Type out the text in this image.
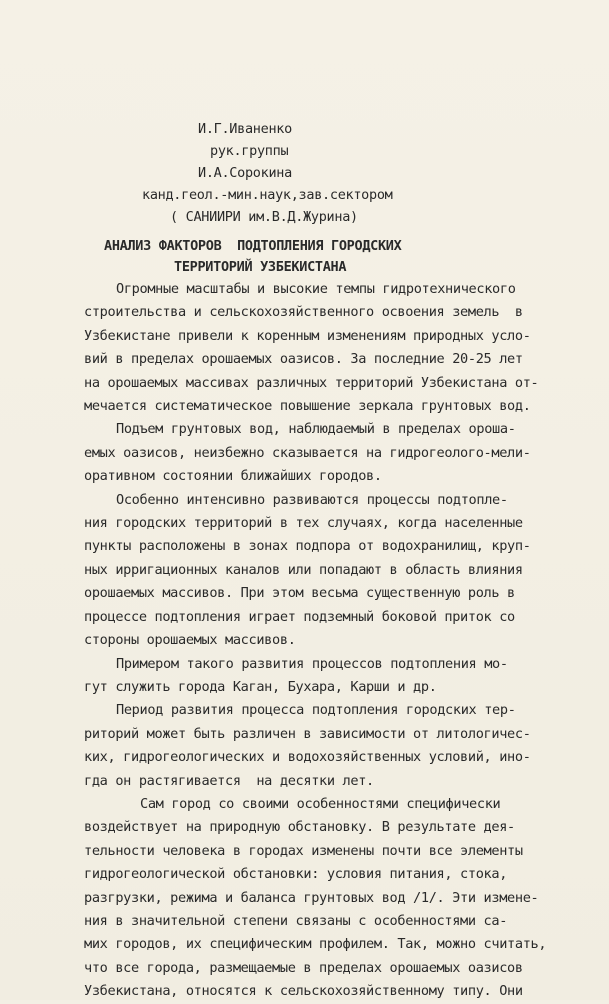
И.Г.Иваненко
рук.группы
И.А.Сорокина
канд.геол.-мин.наук,зав.сектором
( САНИИРИ им.В.Д.Журина)
АНАЛИЗ ФАКТОРОВ  ПОДТОПЛЕНИЯ ГОРОДСКИХ
ТЕРРИТОРИЙ УЗБЕКИСТАНА
Огромные масштабы и высокие темпы гидротехнического
строительства и сельскохозяйственного освоения земель  в
Узбекистане привели к коренным изменениям природных усло-
вий в пределах орошаемых оазисов. За последние 20-25 лет
на орошаемых массивах различных территорий Узбекистана от-
мечается систематическое повышение зеркала грунтовых вод.
Подъем грунтовых вод, наблюдаемый в пределах ороша-
емых оазисов, неизбежно сказывается на гидрогеолого-мели-
оративном состоянии ближайших городов.
Особенно интенсивно развиваются процессы подтопле-
ния городских территорий в тех случаях, когда населенные
пункты расположены в зонах подпора от водохранилищ, круп-
ных ирригационных каналов или попадают в область влияния
орошаемых массивов. При этом весьма существенную роль в
процессе подтопления играет подземный боковой приток со
стороны орошаемых массивов.
Примером такого развития процессов подтопления мо-
гут служить города Каган, Бухара, Карши и др.
Период развития процесса подтопления городских тер-
риторий может быть различен в зависимости от литологичес-
ких, гидрогеологических и водохозяйственных условий, ино-
гда он растягивается  на десятки лет.
Сам город со своими особенностями специфически
воздействует на природную обстановку. В результате дея-
тельности человека в городах изменены почти все элементы
гидрогеологической обстановки: условия питания, стока,
разгрузки, режима и баланса грунтовых вод /1/. Эти измене-
ния в значительной степени связаны с особенностями са-
мих городов, их специфическим профилем. Так, можно считать,
что все города, размещаемые в пределах орошаемых оазисов
Узбекистана, относятся к сельскохозяйственному типу. Они
